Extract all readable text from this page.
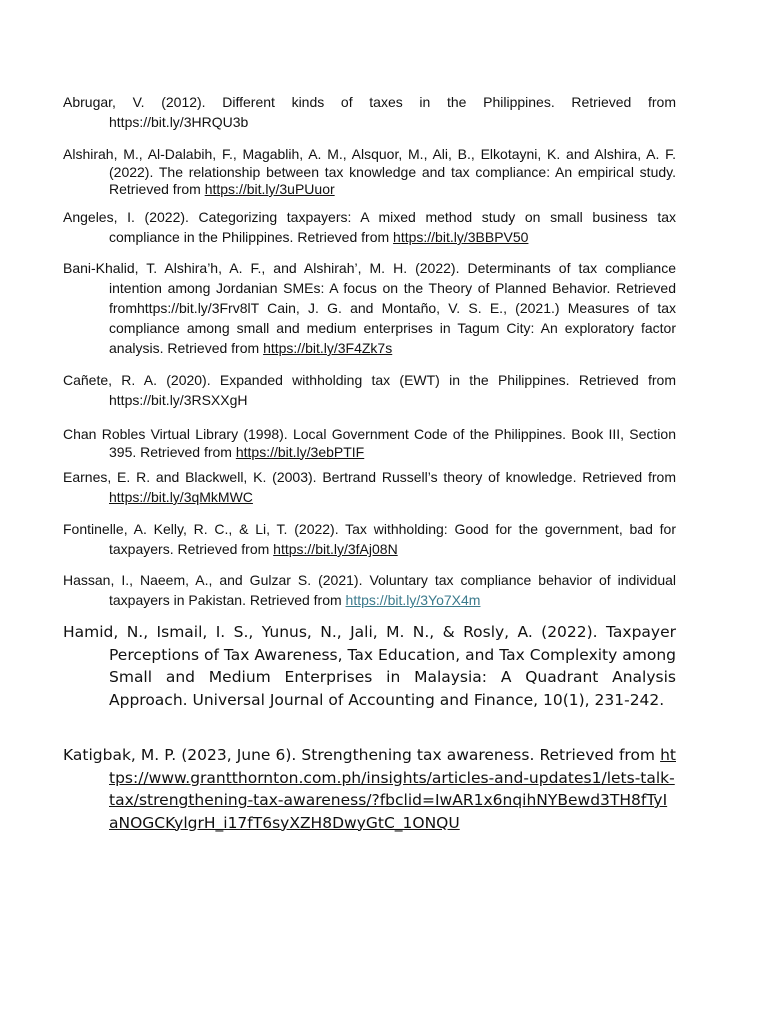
Abrugar, V. (2012). Different kinds of taxes in the Philippines. Retrieved from https://bit.ly/3HRQU3b

Alshirah, M., Al-Dalabih, F., Magablih, A. M., Alsquor, M., Ali, B., Elkotayni, K. and Alshira, A. F. (2022). The relationship between tax knowledge and tax compliance: An empirical study. Retrieved from https://bit.ly/3uPUuor

Angeles, I. (2022). Categorizing taxpayers: A mixed method study on small business tax compliance in the Philippines. Retrieved from https://bit.ly/3BBPV50

Bani-Khalid, T. Alshira’h, A. F., and Alshirah’, M. H. (2022). Determinants of tax compliance intention among Jordanian SMEs: A focus on the Theory of Planned Behavior. Retrieved fromhttps://bit.ly/3Frv8lT Cain, J. G. and Montaño, V. S. E., (2021.) Measures of tax compliance among small and medium enterprises in Tagum City: An exploratory factor analysis. Retrieved from https://bit.ly/3F4Zk7s

Cañete, R. A. (2020). Expanded withholding tax (EWT) in the Philippines. Retrieved from https://bit.ly/3RSXXgH

Chan Robles Virtual Library (1998). Local Government Code of the Philippines. Book III, Section 395. Retrieved from https://bit.ly/3ebPTIF

Earnes, E. R. and Blackwell, K. (2003). Bertrand Russell’s theory of knowledge. Retrieved from https://bit.ly/3qMkMWC

Fontinelle, A. Kelly, R. C., & Li, T. (2022). Tax withholding: Good for the government, bad for taxpayers. Retrieved from https://bit.ly/3fAj08N

Hassan, I., Naeem, A., and Gulzar S. (2021). Voluntary tax compliance behavior of individual taxpayers in Pakistan. Retrieved from https://bit.ly/3Yo7X4m

Hamid, N., Ismail, I. S., Yunus, N., Jali, M. N., & Rosly, A. (2022). Taxpayer Perceptions of Tax Awareness, Tax Education, and Tax Complexity among Small and Medium Enterprises in Malaysia: A Quadrant Analysis Approach. Universal Journal of Accounting and Finance, 10(1), 231-242.

Katigbak, M. P. (2023, June 6). Strengthening tax awareness. Retrieved from https://www.grantthornton.com.ph/insights/articles-and-updates1/lets-talk-tax/strengthening-tax-awareness/?fbclid=IwAR1x6nqihNYBewd3TH8fTyIaNOGCKylgrH_i17fT6syXZH8DwyGtC_1ONQU
